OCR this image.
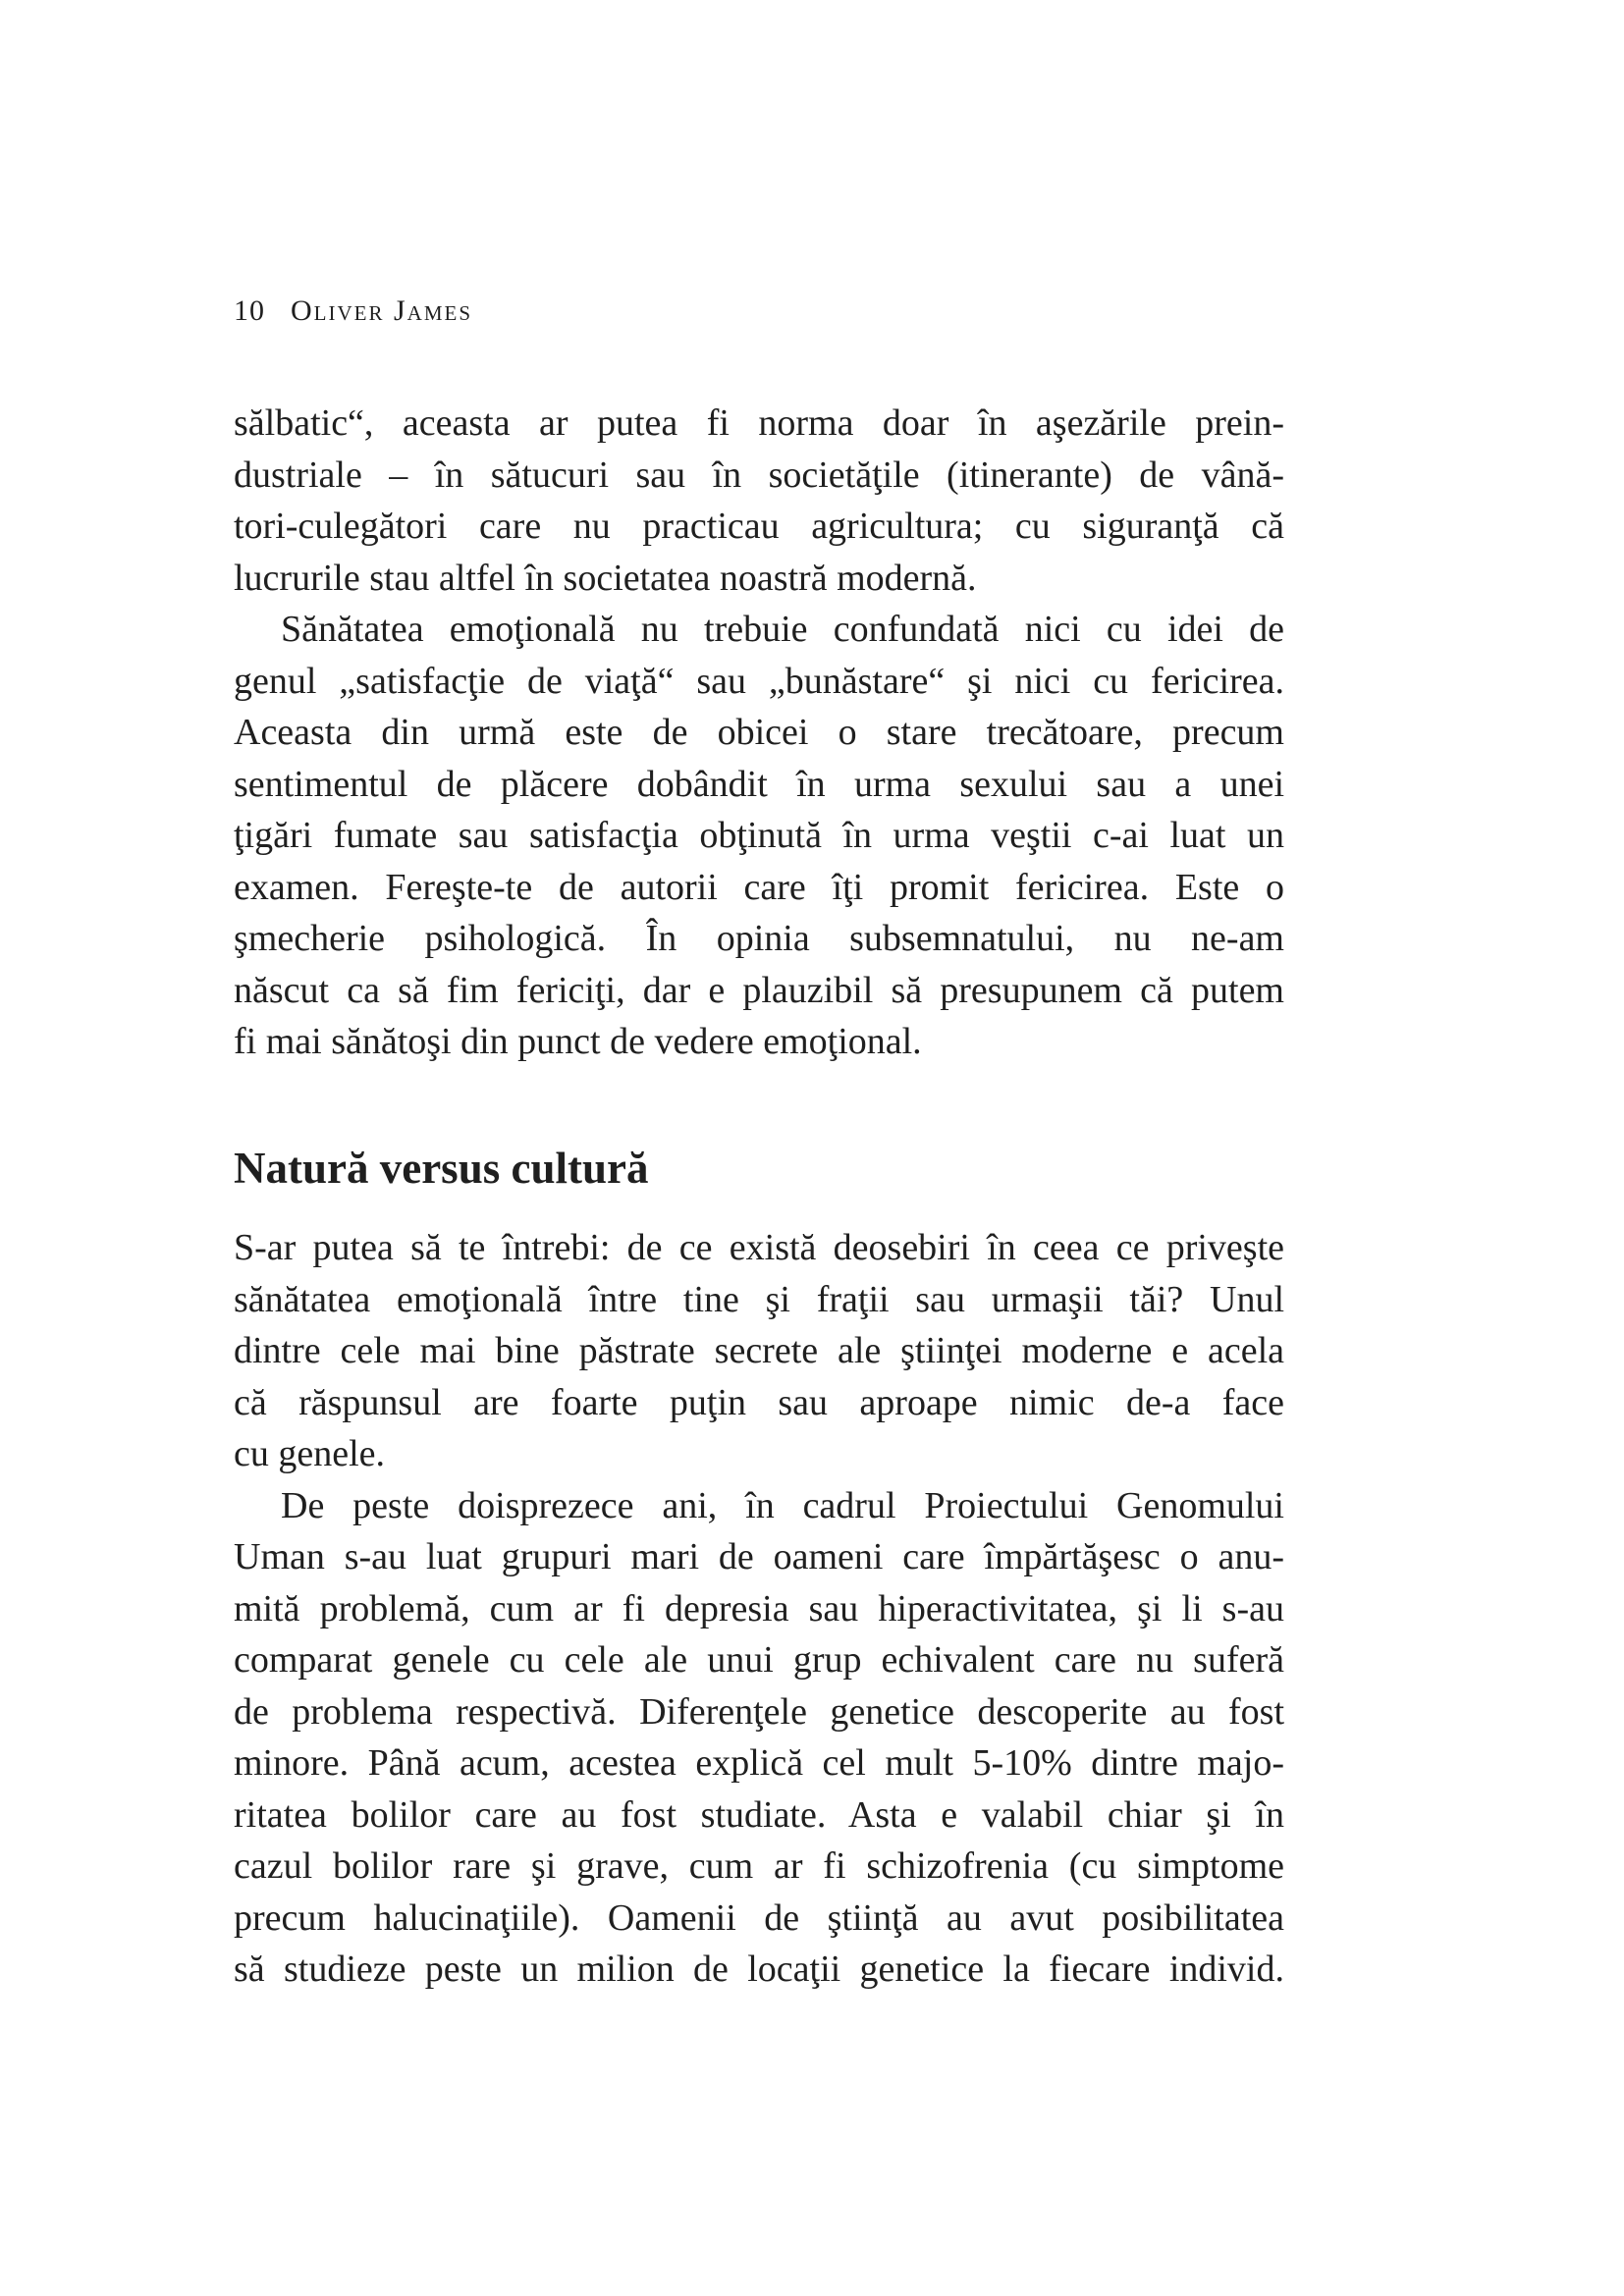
10 Oliver James
sălbatic“, aceasta ar putea fi norma doar în aşezările prein-
dustriale – în sătucuri sau în societăţile (itinerante) de vână-
tori-culegători care nu practicau agricultura; cu siguranţă că
lucrurile stau altfel în societatea noastră modernă.
Sănătatea emoţională nu trebuie confundată nici cu idei de
genul „satisfacţie de viaţă“ sau „bunăstare“ şi nici cu fericirea.
Aceasta din urmă este de obicei o stare trecătoare, precum
sentimentul de plăcere dobândit în urma sexului sau a unei
ţigări fumate sau satisfacţia obţinută în urma veştii c-ai luat un
examen. Fereşte-te de autorii care îţi promit fericirea. Este o
şmecherie psihologică. În opinia subsemnatului, nu ne-am
născut ca să fim fericiţi, dar e plauzibil să presupunem că putem
fi mai sănătoşi din punct de vedere emoţional.
Natură versus cultură
S-ar putea să te întrebi: de ce există deosebiri în ceea ce priveşte
sănătatea emoţională între tine şi fraţii sau urmaşii tăi? Unul
dintre cele mai bine păstrate secrete ale ştiinţei moderne e acela
că răspunsul are foarte puţin sau aproape nimic de-a face
cu genele.
De peste doisprezece ani, în cadrul Proiectului Genomului
Uman s-au luat grupuri mari de oameni care împărtăşesc o anu-
mită problemă, cum ar fi depresia sau hiperactivitatea, şi li s-au
comparat genele cu cele ale unui grup echivalent care nu suferă
de problema respectivă. Diferenţele genetice descoperite au fost
minore. Până acum, acestea explică cel mult 5-10% dintre majo-
ritatea bolilor care au fost studiate. Asta e valabil chiar şi în
cazul bolilor rare şi grave, cum ar fi schizofrenia (cu simptome
precum halucinaţiile). Oamenii de ştiinţă au avut posibilitatea
să studieze peste un milion de locaţii genetice la fiecare individ.
